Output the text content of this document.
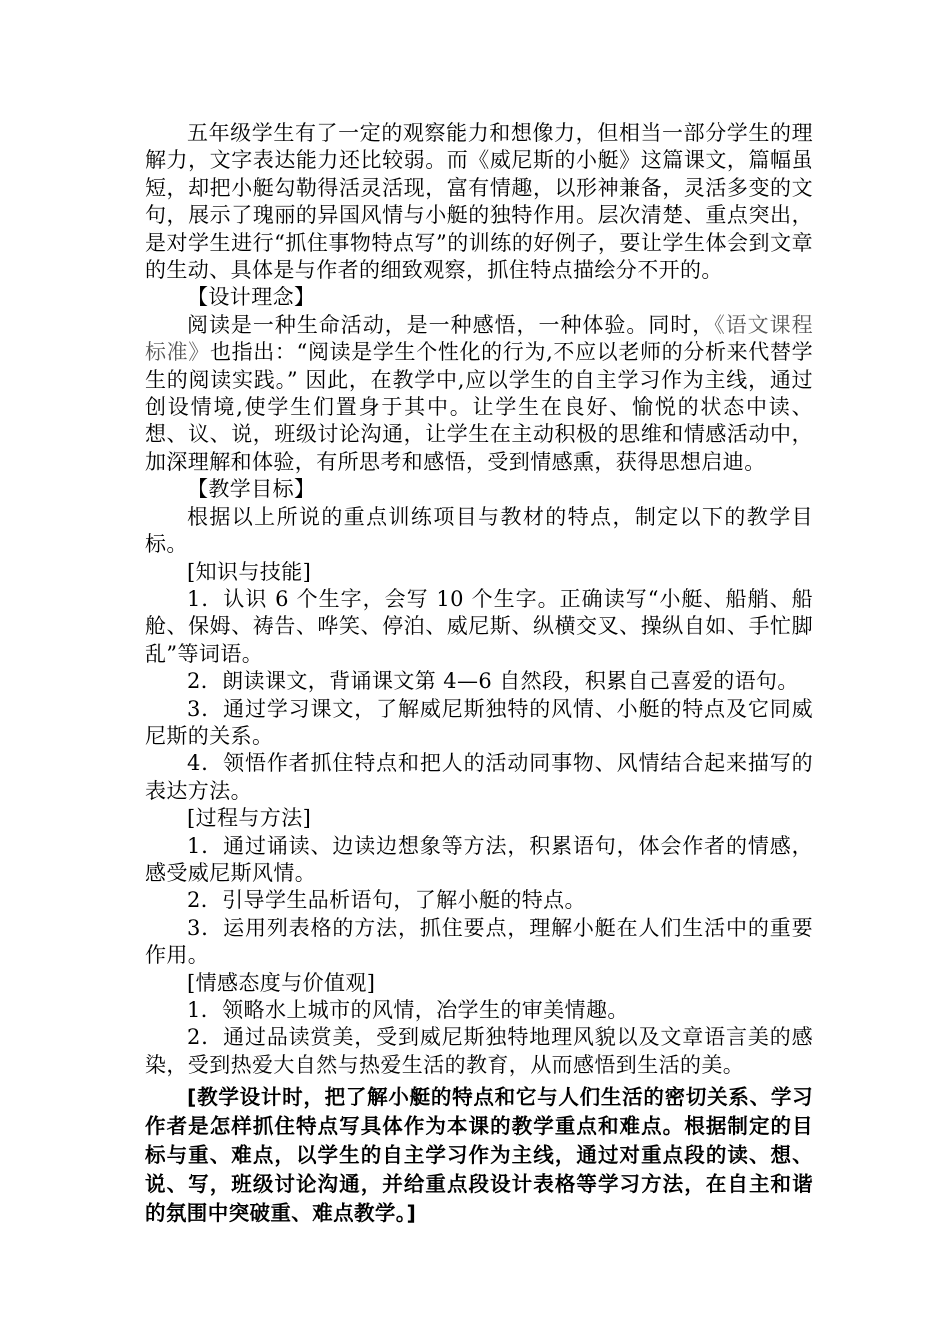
五年级学生有了一定的观察能力和想像力，但相当一部分学生的理解力，文字表达能力还比较弱。而《威尼斯的小艇》这篇课文，篇幅虽短，却把小艇勾勒得活灵活现，富有情趣，以形神兼备，灵活多变的文句，展示了瑰丽的异国风情与小艇的独特作用。层次清楚、重点突出，是对学生进行“抓住事物特点写”的训练的好例子，要让学生体会到文章的生动、具体是与作者的细致观察，抓住特点描绘分不开的。

【设计理念】

阅读是一种生命活动，是一种感悟，一种体验。同时，《语文课程标准》也指出：“阅读是学生个性化的行为,不应以老师的分析来代替学生的阅读实践。” 因此，在教学中,应以学生的自主学习作为主线，通过创设情境,使学生们置身于其中。让学生在良好、愉悦的状态中读、想、议、说，班级讨论沟通，让学生在主动积极的思维和情感活动中，加深理解和体验，有所思考和感悟，受到情感熏，获得思想启迪。

【教学目标】

根据以上所说的重点训练项目与教材的特点，制定以下的教学目标。

[知识与技能]

1．认识 6 个生字，会写 10 个生字。正确读写“小艇、船艄、船舱、保姆、祷告、哗笑、停泊、威尼斯、纵横交叉、操纵自如、手忙脚乱”等词语。

2．朗读课文，背诵课文第 4—6 自然段，积累自己喜爱的语句。

3．通过学习课文，了解威尼斯独特的风情、小艇的特点及它同威尼斯的关系。

4．领悟作者抓住特点和把人的活动同事物、风情结合起来描写的表达方法。

[过程与方法]

1．通过诵读、边读边想象等方法，积累语句，体会作者的情感，感受威尼斯风情。

2．引导学生品析语句，了解小艇的特点。

3．运用列表格的方法，抓住要点，理解小艇在人们生活中的重要作用。

[情感态度与价值观]

1．领略水上城市的风情，冶学生的审美情趣。

2．通过品读赏美，受到威尼斯独特地理风貌以及文章语言美的感染，受到热爱大自然与热爱生活的教育，从而感悟到生活的美。

[教学设计时，把了解小艇的特点和它与人们生活的密切关系、学习作者是怎样抓住特点写具体作为本课的教学重点和难点。根据制定的目标与重、难点，以学生的自主学习作为主线，通过对重点段的读、想、说、写，班级讨论沟通，并给重点段设计表格等学习方法，在自主和谐的氛围中突破重、难点教学。]
